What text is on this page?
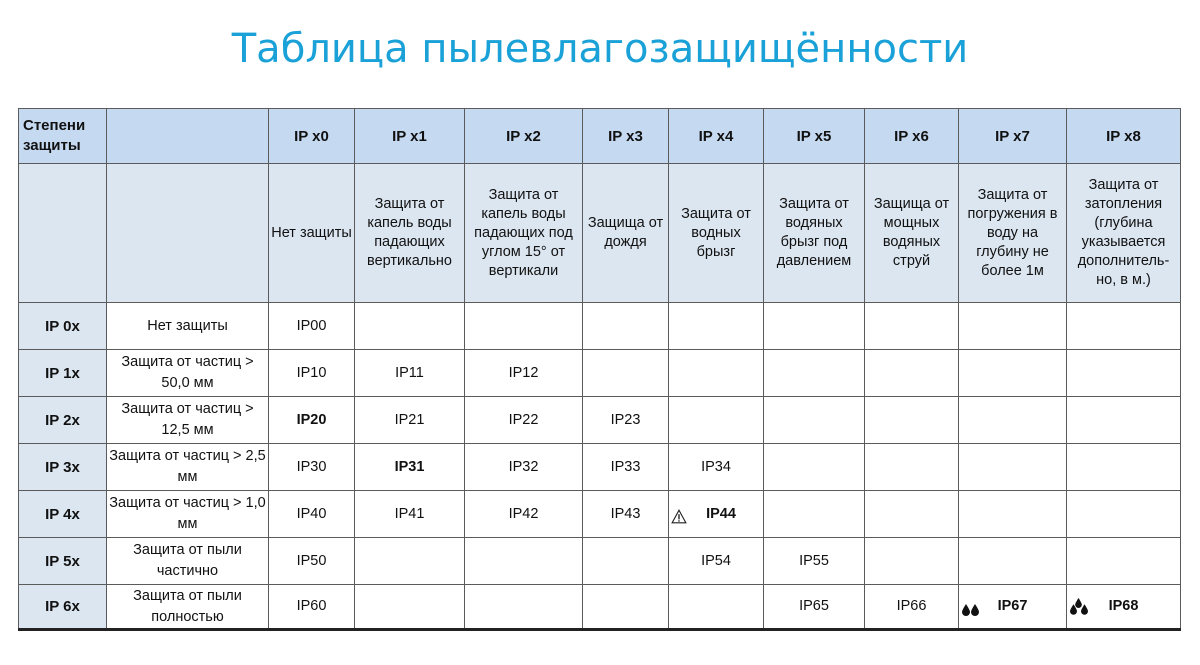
Таблица пылевлагозащищённости
Степени защиты		IP x0	IP x1	IP x2	IP x3	IP x4	IP x5	IP x6	IP x7	IP x8
		Нет защиты	Защита от капель воды падающих вертикально	Защита от капель воды падающих под углом 15° от вертикали	Защища от дождя	Защита от водных брызг	Защита от водяных брызг под давлением	Защища от мощных водяных струй	Защита от погружения в воду на глубину не более 1м	Защита от затопления (глубина указывается дополнитель-но, в м.)
IP 0x	Нет защиты	IP00								
IP 1x	Защита от частиц > 50,0 мм	IP10	IP11	IP12						
IP 2x	Защита от частиц > 12,5 мм	IP20	IP21	IP22	IP23					
IP 3x	Защита от частиц > 2,5 мм	IP30	IP31	IP32	IP33	IP34				
IP 4x	Защита от частиц > 1,0 мм	IP40	IP41	IP42	IP43	IP44				
IP 5x	Защита от пыли частично	IP50				IP54	IP55			
IP 6x	Защита от пыли полностью	IP60					IP65	IP66	IP67	IP68
